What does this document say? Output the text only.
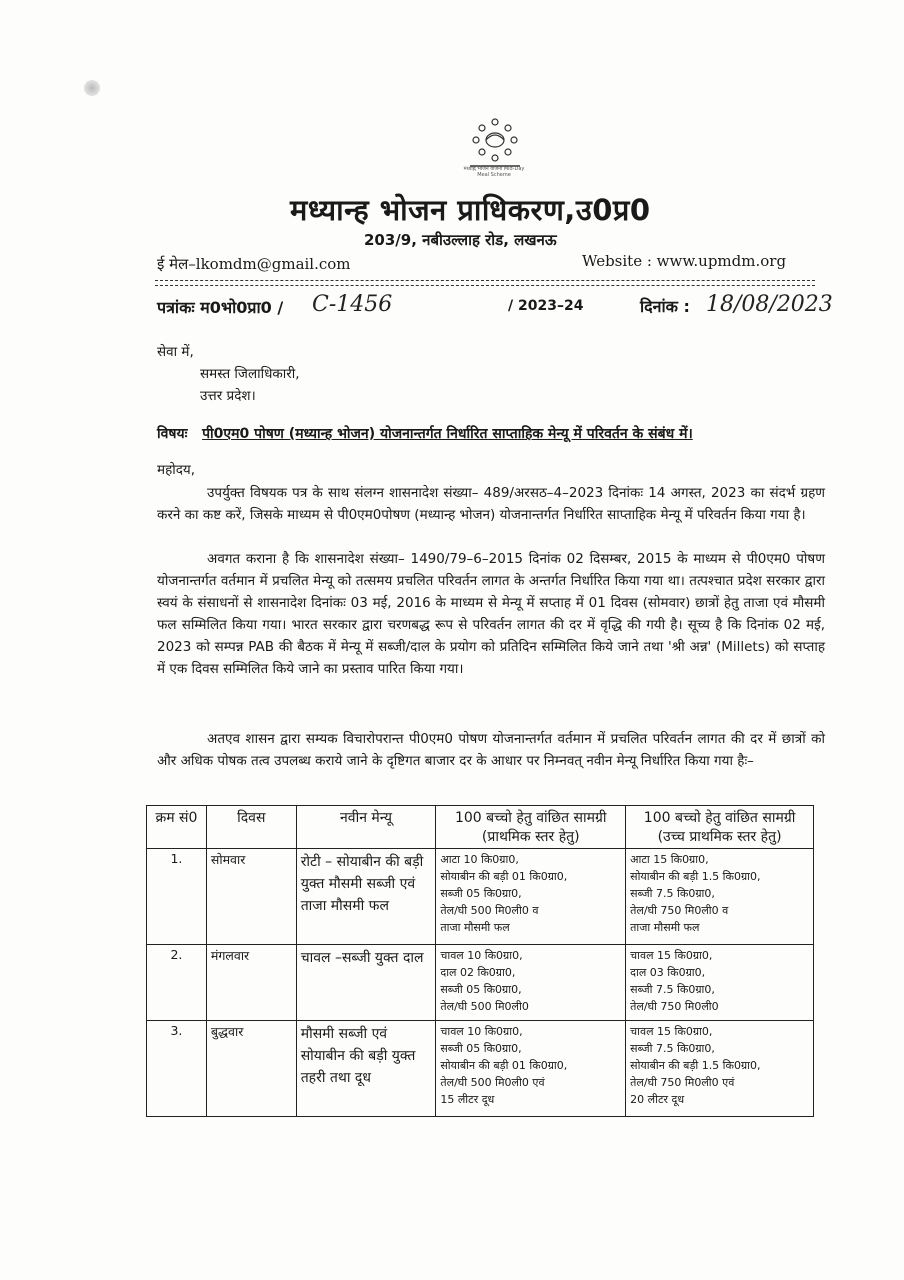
मध्याह्न भोजन योजना Mid-Day Meal Scheme
मध्यान्ह भोजन प्राधिकरण,उ0प्र0
203/9, नबीउल्लाह रोड, लखनऊ
ई मेल–lkomdm@gmail.com	Website : www.upmdm.org
पत्रांकः म0भो0प्रा0 / C-1456	/ 2023–24	दिनांक : 18/08/2023
सेवा में,
समस्त जिलाधिकारी,
उत्तर प्रदेश।
विषयः पी0एम0 पोषण (मध्यान्ह भोजन) योजनान्तर्गत निर्धारित साप्ताहिक मेन्यू में परिवर्तन के संबंध में।
महोदय,
उपर्युक्त विषयक पत्र के साथ संलग्न शासनादेश संख्या– 489/अरसठ–4–2023 दिनांकः 14 अगस्त, 2023 का संदर्भ ग्रहण करने का कष्ट करें, जिसके माध्यम से पी0एम0पोषण (मध्यान्ह भोजन) योजनान्तर्गत निर्धारित साप्ताहिक मेन्यू में परिवर्तन किया गया है।
अवगत कराना है कि शासनादेश संख्या– 1490/79–6–2015 दिनांक 02 दिसम्बर, 2015 के माध्यम से पी0एम0 पोषण योजनान्तर्गत वर्तमान में प्रचलित मेन्यू को तत्समय प्रचलित परिवर्तन लागत के अन्तर्गत निर्धारित किया गया था। तत्पश्चात प्रदेश सरकार द्वारा स्वयं के संसाधनों से शासनादेश दिनांकः 03 मई, 2016 के माध्यम से मेन्यू में सप्ताह में 01 दिवस (सोमवार) छात्रों हेतु ताजा एवं मौसमी फल सम्मिलित किया गया। भारत सरकार द्वारा चरणबद्ध रूप से परिवर्तन लागत की दर में वृद्धि की गयी है। सूच्य है कि दिनांक 02 मई, 2023 को सम्पन्न PAB की बैठक में मेन्यू में सब्जी/दाल के प्रयोग को प्रतिदिन सम्मिलित किये जाने तथा 'श्री अन्न' (Millets) को सप्ताह में एक दिवस सम्मिलित किये जाने का प्रस्ताव पारित किया गया।
अतएव शासन द्वारा सम्यक विचारोपरान्त पी0एम0 पोषण योजनान्तर्गत वर्तमान में प्रचलित परिवर्तन लागत की दर में छात्रों को और अधिक पोषक तत्व उपलब्ध कराये जाने के दृष्टिगत बाजार दर के आधार पर निम्नवत् नवीन मेन्यू निर्धारित किया गया हैः–
क्रम सं0	दिवस	नवीन मेन्यू	100 बच्चो हेतु वांछित सामग्री (प्राथमिक स्तर हेतु)	100 बच्चो हेतु वांछित सामग्री (उच्च प्राथमिक स्तर हेतु)
1.	सोमवार	रोटी – सोयाबीन की बड़ी युक्त मौसमी सब्जी एवं ताजा मौसमी फल	आटा 10 कि0ग्रा0,
सोयाबीन की बड़ी 01 कि0ग्रा0,
सब्जी 05 कि0ग्रा0,
तेल/घी 500 मि0ली0 व
ताजा मौसमी फल	आटा 15 कि0ग्रा0,
सोयाबीन की बड़ी 1.5 कि0ग्रा0,
सब्जी 7.5 कि0ग्रा0,
तेल/घी 750 मि0ली0 व
ताजा मौसमी फल

2.	मंगलवार	चावल –सब्जी युक्त दाल	चावल 10 कि0ग्रा0,
दाल 02 कि0ग्रा0,
सब्जी 05 कि0ग्रा0,
तेल/घी 500 मि0ली0	चावल 15 कि0ग्रा0,
दाल 03 कि0ग्रा0,
सब्जी 7.5 कि0ग्रा0,
तेल/घी 750 मि0ली0

3.	बुद्धवार	मौसमी सब्जी एवं सोयाबीन की बड़ी युक्त तहरी तथा दूध	चावल 10 कि0ग्रा0,
सब्जी 05 कि0ग्रा0,
सोयाबीन की बड़ी 01 कि0ग्रा0,
तेल/घी 500 मि0ली0 एवं
15 लीटर दूध	चावल 15 कि0ग्रा0,
सब्जी 7.5 कि0ग्रा0,
सोयाबीन की बड़ी 1.5 कि0ग्रा0,
तेल/घी 750 मि0ली0 एवं
20 लीटर दूध
